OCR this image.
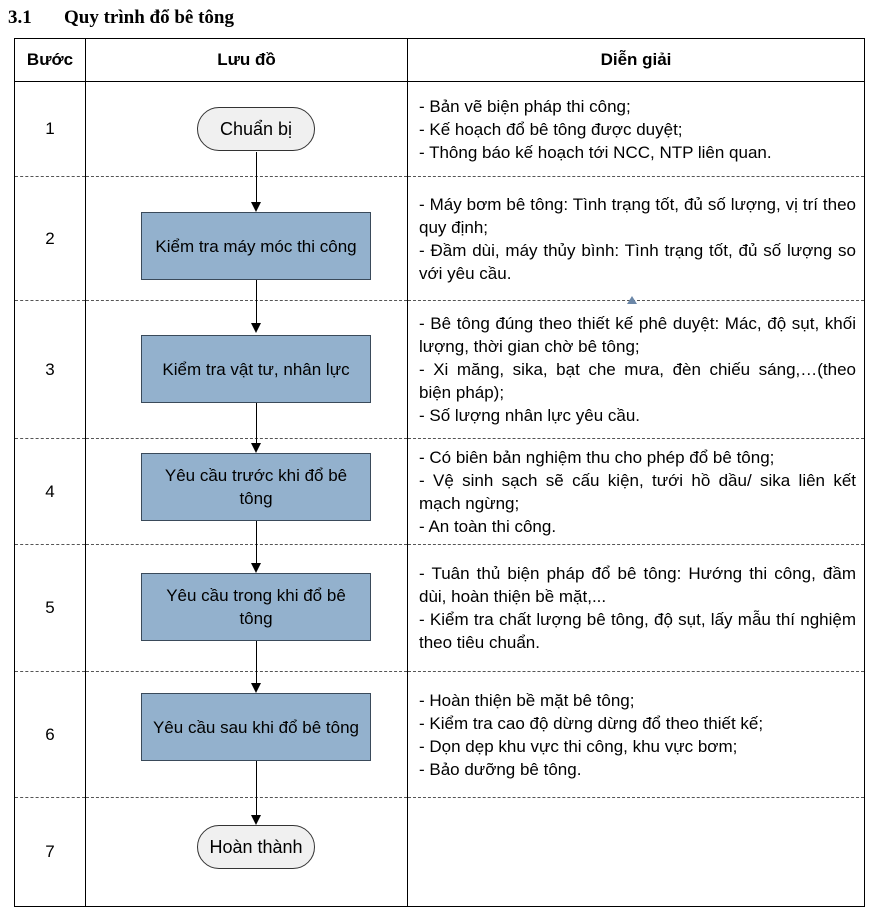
3.1 Quy trình đổ bê tông
Bước	Lưu đồ	Diễn giải
1	Chuẩn bị	- Bản vẽ biện pháp thi công;
- Kế hoạch đổ bê tông được duyệt;
- Thông báo kế hoạch tới NCC, NTP liên quan.

2	Kiểm tra máy móc thi công	- Máy bơm bê tông: Tình trạng tốt, đủ số lượng, vị trí theo quy định;
- Đầm dùi, máy thủy bình: Tình trạng tốt, đủ số lượng so với yêu cầu.

3	Kiểm tra vật tư, nhân lực	- Bê tông đúng theo thiết kế phê duyệt: Mác, độ sụt, khối lượng, thời gian chờ bê tông;
- Xi măng, sika, bạt che mưa, đèn chiếu sáng,…(theo biện pháp);
- Số lượng nhân lực yêu cầu.

4	Yêu cầu trước khi đổ bê tông	- Có biên bản nghiệm thu cho phép đổ bê tông;
- Vệ sinh sạch sẽ cấu kiện, tưới hồ dầu/ sika liên kết mạch ngừng;
- An toàn thi công.

5	Yêu cầu trong khi đổ bê tông	- Tuân thủ biện pháp đổ bê tông: Hướng thi công, đầm dùi, hoàn thiện bề mặt,...
- Kiểm tra chất lượng bê tông, độ sụt, lấy mẫu thí nghiệm theo tiêu chuẩn.

6	Yêu cầu sau khi đổ bê tông	- Hoàn thiện bề mặt bê tông;
- Kiểm tra cao độ dừng dừng đổ theo thiết kế;
- Dọn dẹp khu vực thi công, khu vực bơm;
- Bảo dưỡng bê tông.

7	Hoàn thành	
